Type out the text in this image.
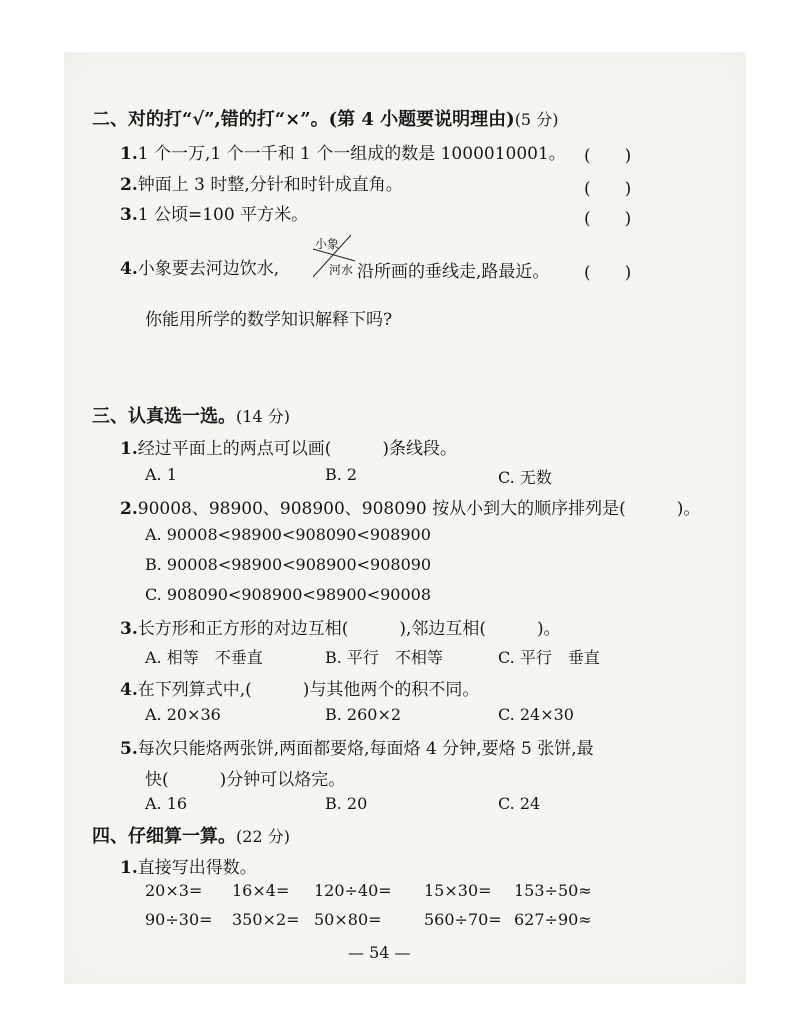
二、对的打“√”,错的打“×”。(第 4 小题要说明理由)(5 分)
1.1 个一万,1 个一千和 1 个一组成的数是 1000010001。 (　　)
2.钟面上 3 时整,分针和时针成直角。	(　　)
3.1 公顷=100 平方米。	(　　)
4.小象要去河边饮水,
小象
河水 沿所画的垂线走,路最近。 (　　)
你能用所学的数学知识解释下吗?
三、认真选一选。(14 分)
1.经过平面上的两点可以画(　　　)条线段。
A. 1	B. 2	C. 无数
2.90008、98900、908900、908090 按从小到大的顺序排列是(　　　)。
A. 90008<98900<908090<908900
B. 90008<98900<908900<908090
C. 908090<908900<98900<90008
3.长方形和正方形的对边互相(　　　),邻边互相(　　　)。
A. 相等　不垂直	B. 平行　不相等	C. 平行　垂直
4.在下列算式中,(　　　)与其他两个的积不同。
A. 20×36	B. 260×2	C. 24×30
5.每次只能烙两张饼,两面都要烙,每面烙 4 分钟,要烙 5 张饼,最
快(　　　)分钟可以烙完。
A. 16	B. 20	C. 24
四、仔细算一算。(22 分)
1.直接写出得数。
20×3= 16×4= 120÷40= 15×30= 153÷50≈
90÷30= 350×2= 50×80=	560÷70= 627÷90≈
— 54 —
